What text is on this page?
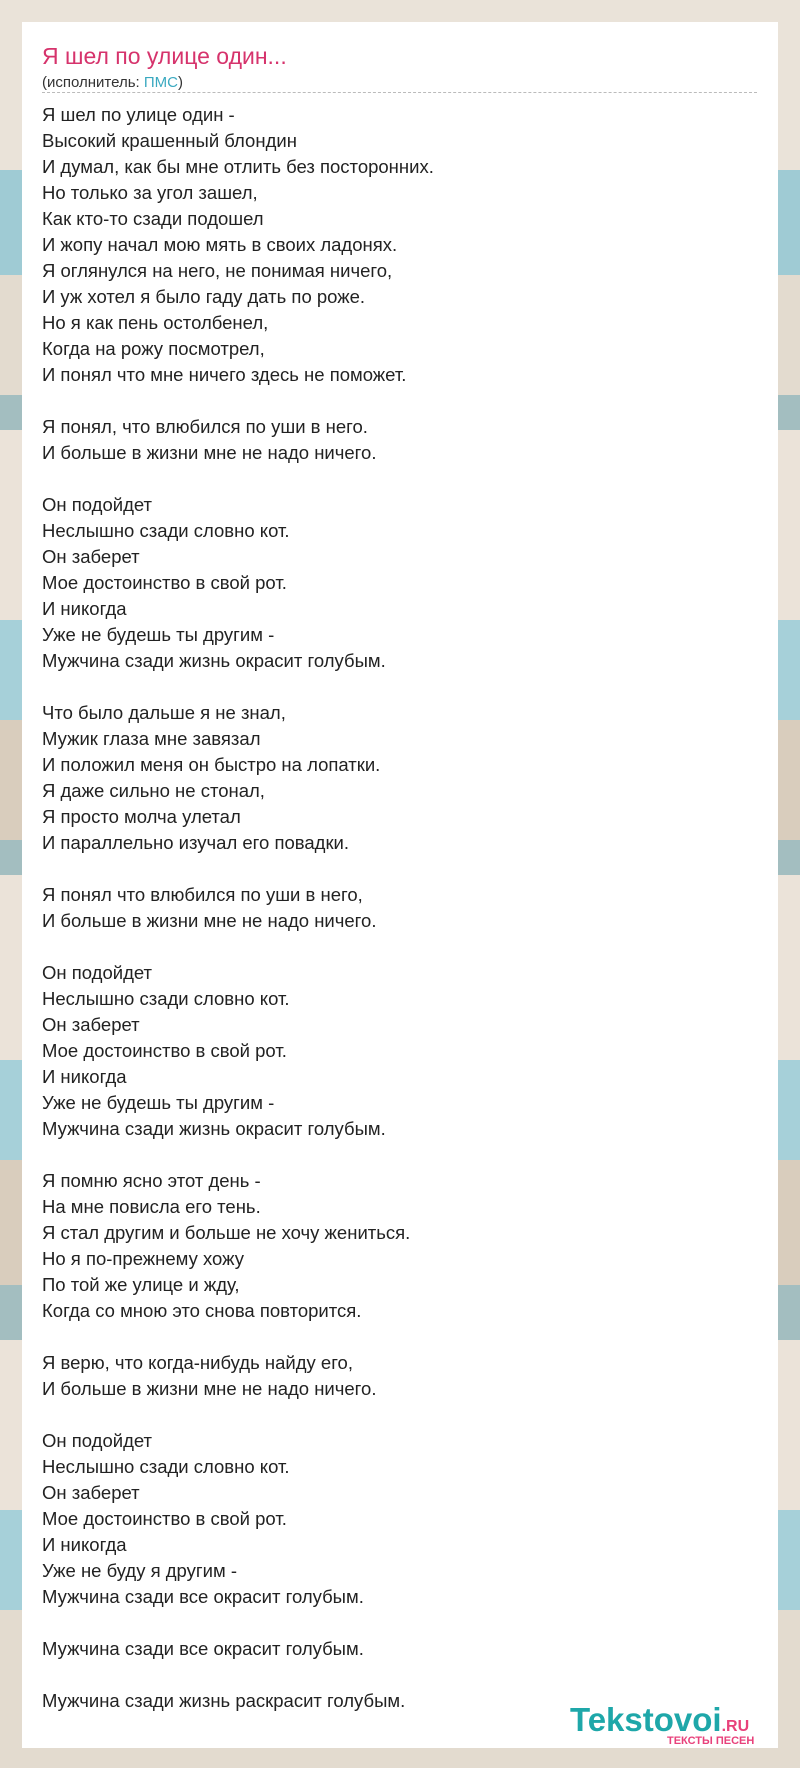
Я шел по улице один...
(исполнитель: ПМС)
Я шел по улице один -
Высокий крашенный блондин
И думал, как бы мне отлить без посторонних.
Но только за угол зашел,
Как кто-то сзади подошел
И жопу начал мою мять в своих ладонях.
Я оглянулся на него, не понимая ничего,
И уж хотел я было гаду дать по роже.
Но я как пень остолбенел,
Когда на рожу посмотрел,
И понял что мне ничего здесь не поможет.
Я понял, что влюбился по уши в него.
И больше в жизни мне не надо ничего.
Он подойдет
Неслышно сзади словно кот.
Он заберет
Мое достоинство в свой рот.
И никогда
Уже не будешь ты другим -
Мужчина сзади жизнь окрасит голубым.
Что было дальше я не знал,
Мужик глаза мне завязал
И положил меня он быстро на лопатки.
Я даже сильно не стонал,
Я просто молча улетал
И параллельно изучал его повадки.
Я понял что влюбился по уши в него,
И больше в жизни мне не надо ничего.
Он подойдет
Неслышно сзади словно кот.
Он заберет
Мое достоинство в свой рот.
И никогда
Уже не будешь ты другим -
Мужчина сзади жизнь окрасит голубым.
Я помню ясно этот день -
На мне повисла его тень.
Я стал другим и больше не хочу жениться.
Но я по-прежнему хожу
По той же улице и жду,
Когда со мною это снова повторится.
Я верю, что когда-нибудь найду его,
И больше в жизни мне не надо ничего.
Он подойдет
Неслышно сзади словно кот.
Он заберет
Мое достоинство в свой рот.
И никогда
Уже не буду я другим -
Мужчина сзади все окрасит голубым.
Мужчина сзади все окрасит голубым.
Мужчина сзади жизнь раскрасит голубым.
Tekstovoi.RU
ТЕКСТЫ ПЕСЕН
